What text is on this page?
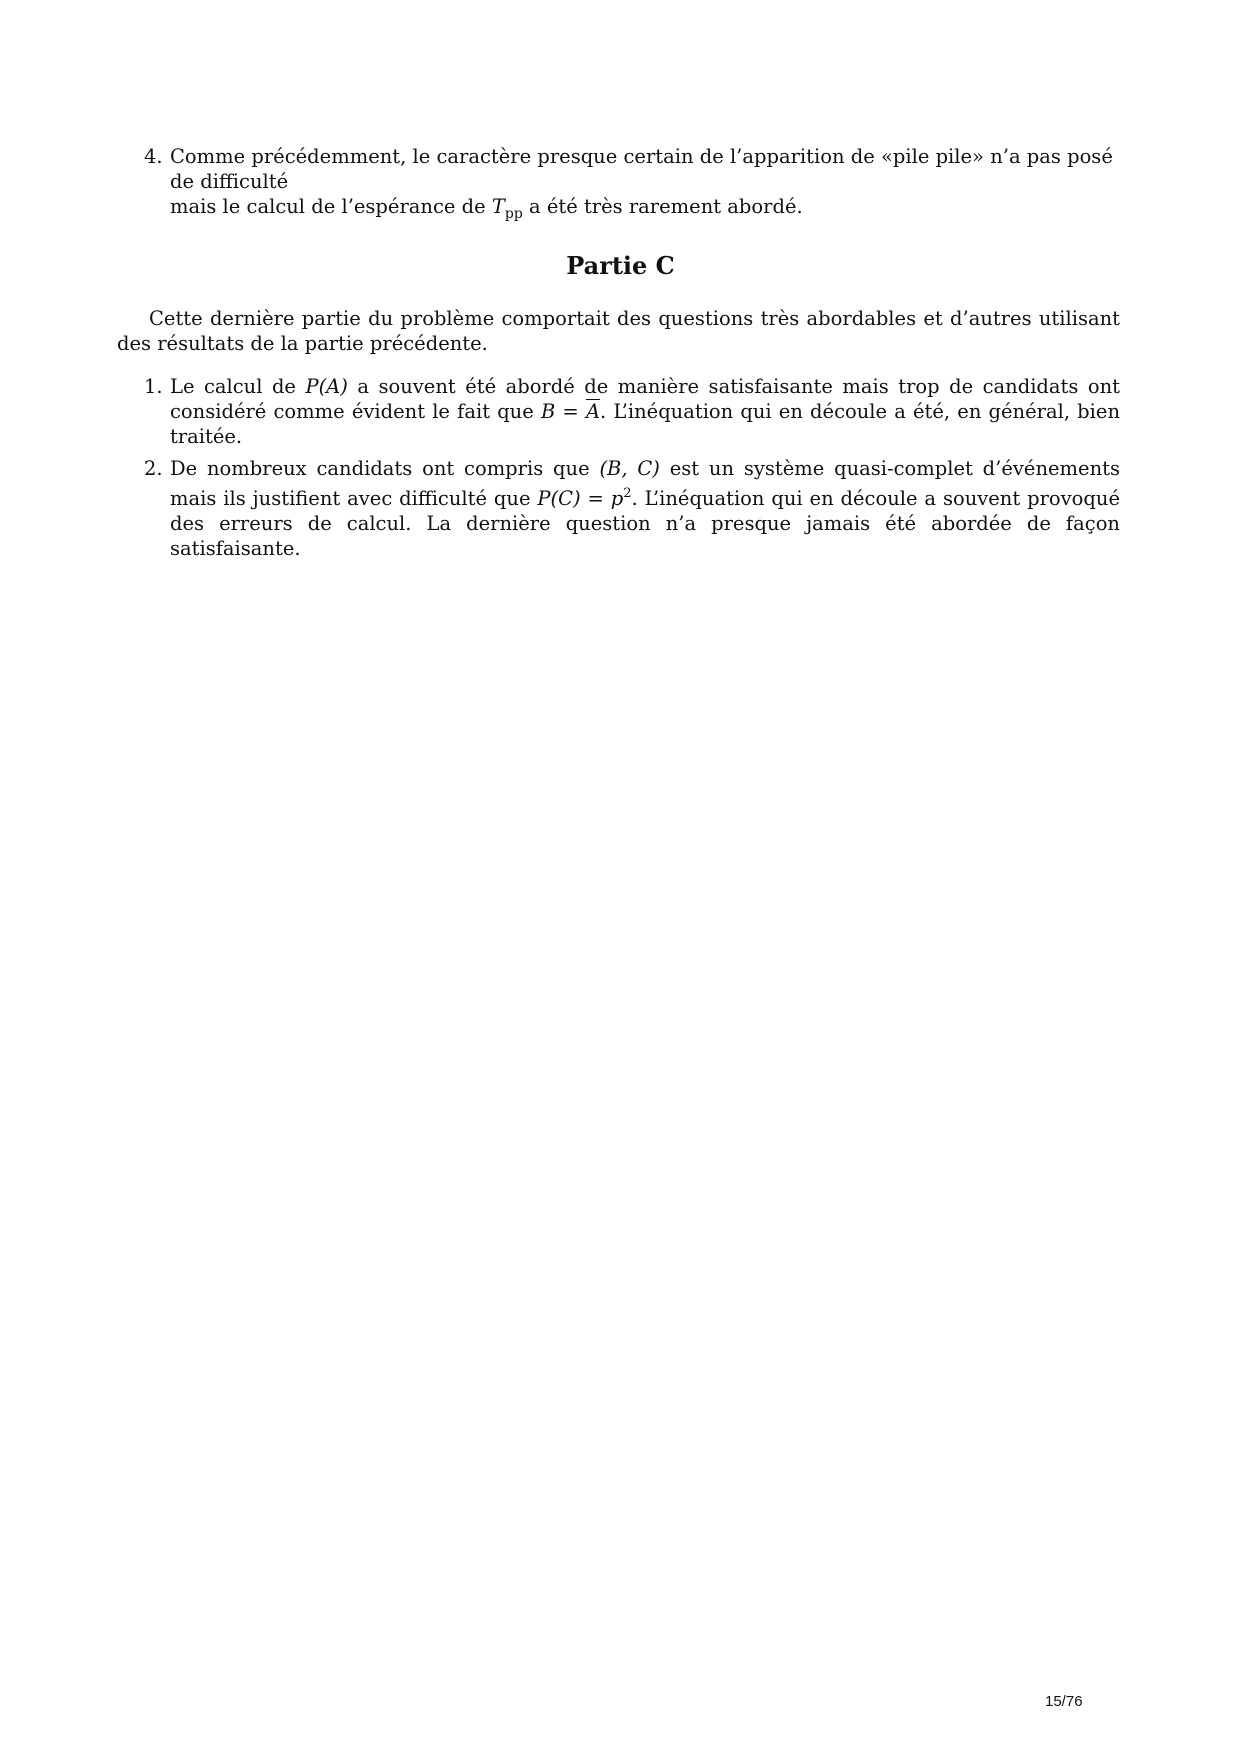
4. Comme précédemment, le caractère presque certain de l’apparition de «pile pile» n’a pas posé de difficulté
mais le calcul de l’espérance de $T_{pp}$ a été très rarement abordé.
Partie C

Cette dernière partie du problème comportait des questions très abordables et d’autres utilisant des résultats de la partie précédente.

1. Le calcul de P(A) a souvent été abordé de manière satisfaisante mais trop de candidats ont considéré comme évident le fait que $B = \overline{A}$. L’inéquation qui en découle a été, en général, bien traitée.
2. De nombreux candidats ont compris que (B, C) est un système quasi-complet d’événements mais ils justifient avec difficulté que $P(C) = p^2$. L’inéquation qui en découle a souvent provoqué des erreurs de calcul. La dernière question n’a presque jamais été abordée de façon satisfaisante.
15/76
